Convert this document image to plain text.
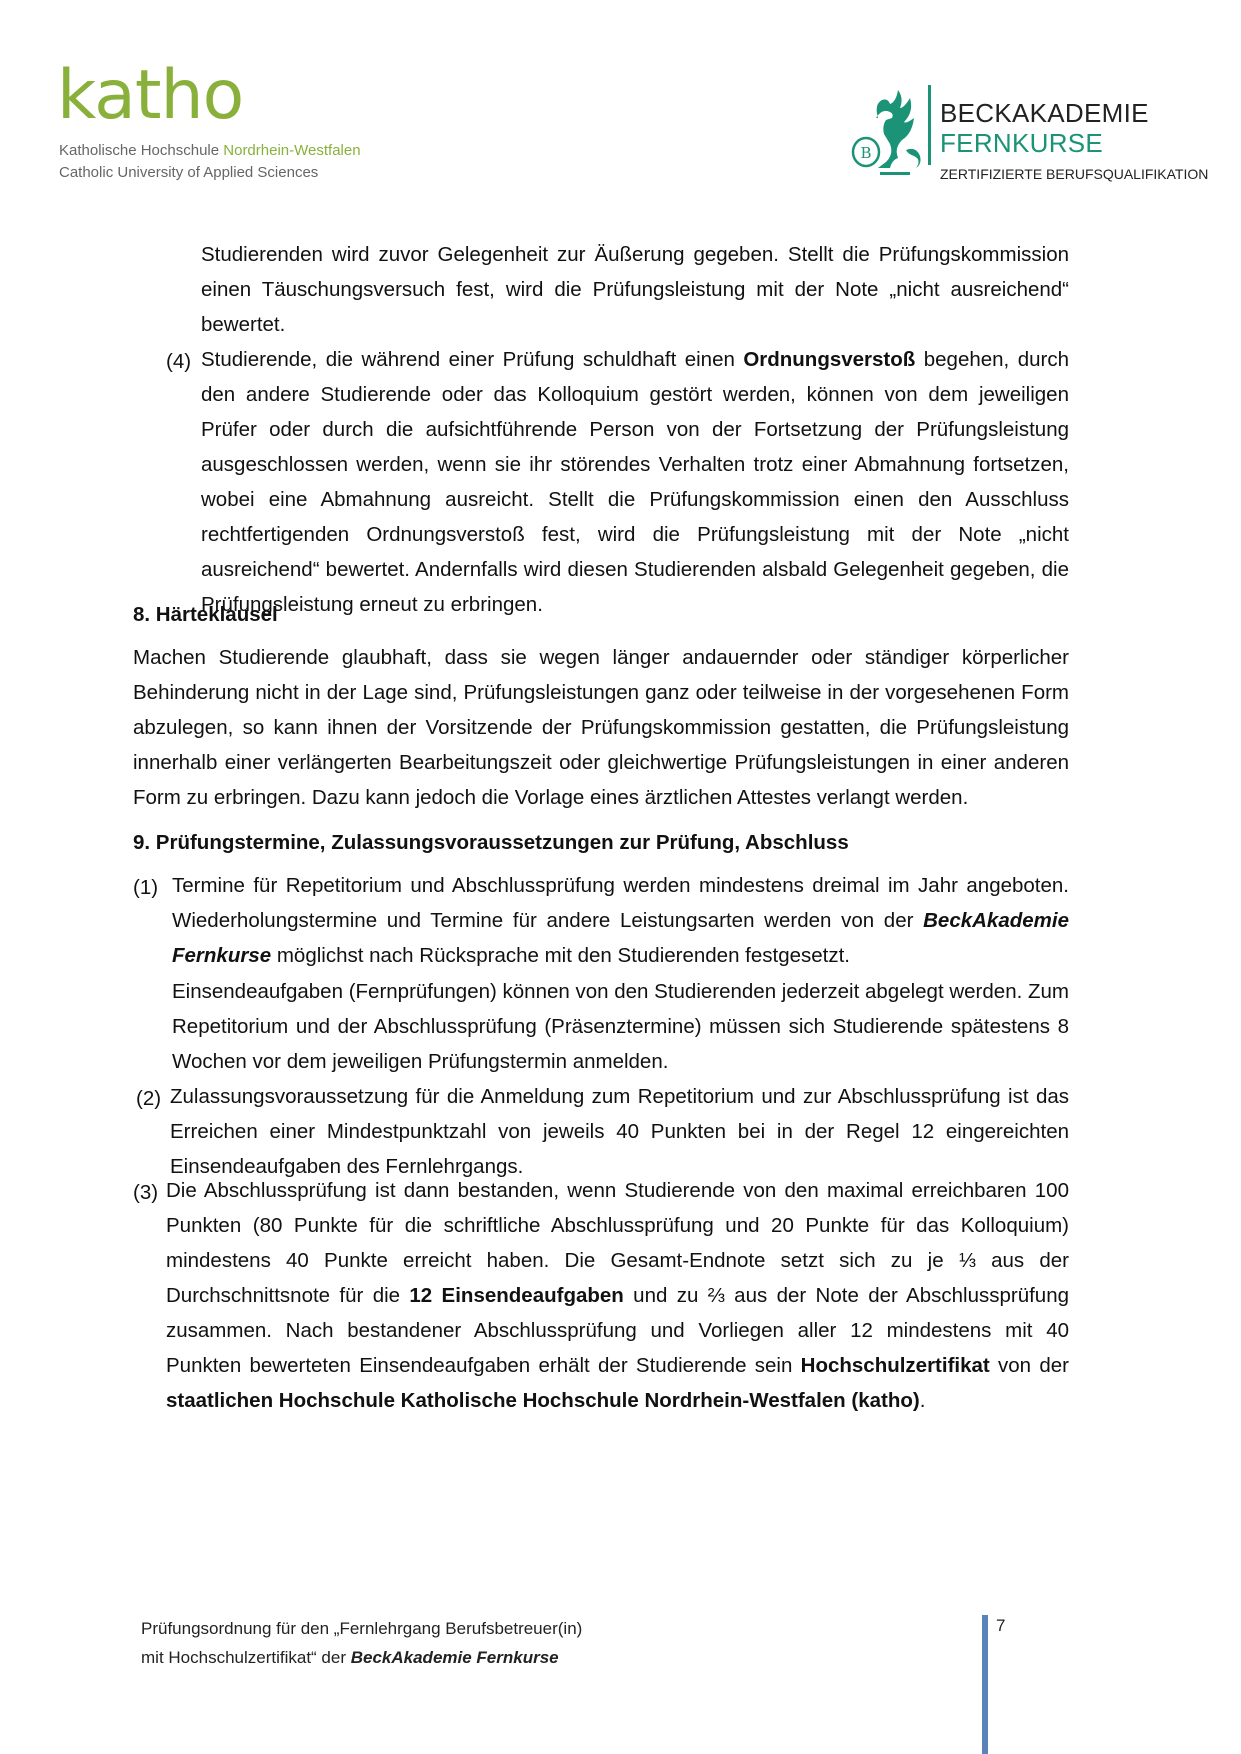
katho
Katholische Hochschule Nordrhein-Westfalen
Catholic University of Applied Sciences
B
BECKAKADEMIE
FERNKURSE
ZERTIFIZIERTE BERUFSQUALIFIKATION
Studierenden wird zuvor Gelegenheit zur Äußerung gegeben. Stellt die Prüfungskommission einen Täuschungsversuch fest, wird die Prüfungsleistung mit der Note „nicht ausreichend“ bewertet.
(4) Studierende, die während einer Prüfung schuldhaft einen Ordnungsverstoß begehen, durch den andere Studierende oder das Kolloquium gestört werden, können von dem jeweiligen Prüfer oder durch die aufsichtführende Person von der Fortsetzung der Prüfungsleistung ausgeschlossen werden, wenn sie ihr störendes Verhalten trotz einer Abmahnung fortsetzen, wobei eine Abmahnung ausreicht. Stellt die Prüfungskommission einen den Ausschluss rechtfertigenden Ordnungsverstoß fest, wird die Prüfungsleistung mit der Note „nicht ausreichend“ bewertet. Andernfalls wird diesen Studierenden alsbald Gelegenheit gegeben, die Prüfungsleistung erneut zu erbringen.
8. Härteklausel
Machen Studierende glaubhaft, dass sie wegen länger andauernder oder ständiger körperlicher Behinderung nicht in der Lage sind, Prüfungsleistungen ganz oder teilweise in der vorgesehenen Form abzulegen, so kann ihnen der Vorsitzende der Prüfungskommission gestatten, die Prüfungsleistung innerhalb einer verlängerten Bearbeitungszeit oder gleichwertige Prüfungsleistungen in einer anderen Form zu erbringen. Dazu kann jedoch die Vorlage eines ärztlichen Attestes verlangt werden.
9. Prüfungstermine, Zulassungsvoraussetzungen zur Prüfung, Abschluss
(1) Termine für Repetitorium und Abschlussprüfung werden mindestens dreimal im Jahr angeboten. Wiederholungstermine und Termine für andere Leistungsarten werden von der BeckAkademie Fernkurse möglichst nach Rücksprache mit den Studierenden festgesetzt.
Einsendeaufgaben (Fernprüfungen) können von den Studierenden jederzeit abgelegt werden. Zum Repetitorium und der Abschlussprüfung (Präsenztermine) müssen sich Studierende spätestens 8 Wochen vor dem jeweiligen Prüfungstermin anmelden.
(2) Zulassungsvoraussetzung für die Anmeldung zum Repetitorium und zur Abschlussprüfung ist das Erreichen einer Mindestpunktzahl von jeweils 40 Punkten bei in der Regel 12 eingereichten Einsendeaufgaben des Fernlehrgangs.
(3) Die Abschlussprüfung ist dann bestanden, wenn Studierende von den maximal erreichbaren 100 Punkten (80 Punkte für die schriftliche Abschlussprüfung und 20 Punkte für das Kolloquium) mindestens 40 Punkte erreicht haben. Die Gesamt-Endnote setzt sich zu je ⅓ aus der Durchschnittsnote für die 12 Einsendeaufgaben und zu ⅔ aus der Note der Abschlussprüfung zusammen. Nach bestandener Abschlussprüfung und Vorliegen aller 12 mindestens mit 40 Punkten bewerteten Einsendeaufgaben erhält der Studierende sein Hochschulzertifikat von der staatlichen Hochschule Katholische Hochschule Nordrhein-Westfalen (katho).
Prüfungsordnung für den „Fernlehrgang Berufsbetreuer(in)
mit Hochschulzertifikat“ der BeckAkademie Fernkurse
7
